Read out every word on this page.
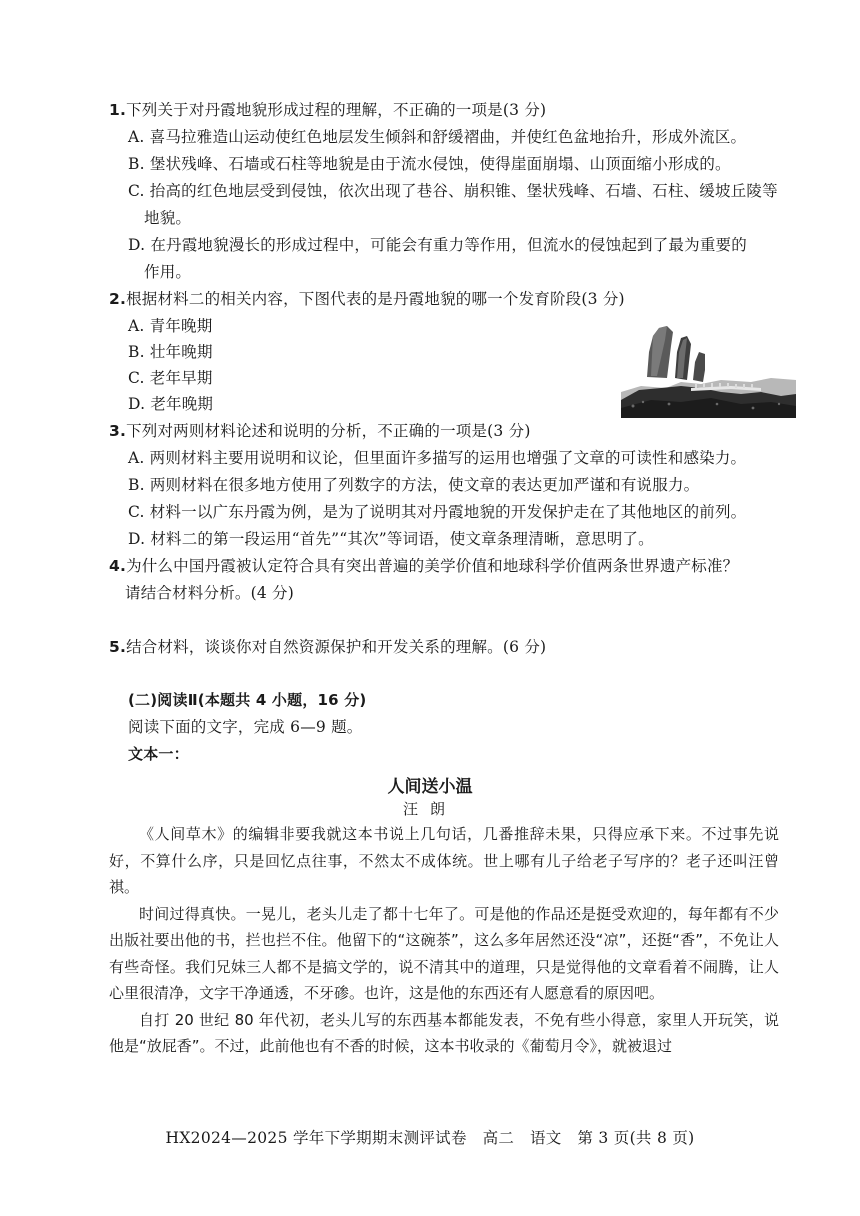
1.下列关于对丹霞地貌形成过程的理解，不正确的一项是(3 分)
A. 喜马拉雅造山运动使红色地层发生倾斜和舒缓褶曲，并使红色盆地抬升，形成外流区。
B. 堡状残峰、石墙或石柱等地貌是由于流水侵蚀，使得崖面崩塌、山顶面缩小形成的。
C. 抬高的红色地层受到侵蚀，依次出现了巷谷、崩积锥、堡状残峰、石墙、石柱、缓坡丘陵等
地貌。
D. 在丹霞地貌漫长的形成过程中，可能会有重力等作用，但流水的侵蚀起到了最为重要的
作用。
2.根据材料二的相关内容，下图代表的是丹霞地貌的哪一个发育阶段(3 分)
A. 青年晚期
B. 壮年晚期
C. 老年早期
D. 老年晚期
3.下列对两则材料论述和说明的分析，不正确的一项是(3 分)
A. 两则材料主要用说明和议论，但里面许多描写的运用也增强了文章的可读性和感染力。
B. 两则材料在很多地方使用了列数字的方法，使文章的表达更加严谨和有说服力。
C. 材料一以广东丹霞为例，是为了说明其对丹霞地貌的开发保护走在了其他地区的前列。
D. 材料二的第一段运用“首先”“其次”等词语，使文章条理清晰，意思明了。
4.为什么中国丹霞被认定符合具有突出普遍的美学价值和地球科学价值两条世界遗产标准？
请结合材料分析。(4 分)
5.结合材料，谈谈你对自然资源保护和开发关系的理解。(6 分)
(二)阅读Ⅱ(本题共 4 小题，16 分)
阅读下面的文字，完成 6—9 题。
文本一：
人间送小温
汪朗

《人间草木》的编辑非要我就这本书说上几句话，几番推辞未果，只得应承下来。不过事先说好，不算什么序，只是回忆点往事，不然太不成体统。世上哪有儿子给老子写序的？老子还叫汪曾祺。

时间过得真快。一晃儿，老头儿走了都十七年了。可是他的作品还是挺受欢迎的，每年都有不少出版社要出他的书，拦也拦不住。他留下的“这碗茶”，这么多年居然还没“凉”，还挺“香”，不免让人有些奇怪。我们兄妹三人都不是搞文学的，说不清其中的道理，只是觉得他的文章看着不闹腾，让人心里很清净，文字干净通透，不牙碜。也许，这是他的东西还有人愿意看的原因吧。

自打 20 世纪 80 年代初，老头儿写的东西基本都能发表，不免有些小得意，家里人开玩笑，说他是“放屁香”。不过，此前他也有不香的时候，这本书收录的《葡萄月令》，就被退过

HX2024—2025 学年下学期期末测评试卷　高二　语文　第 3 页(共 8 页)
